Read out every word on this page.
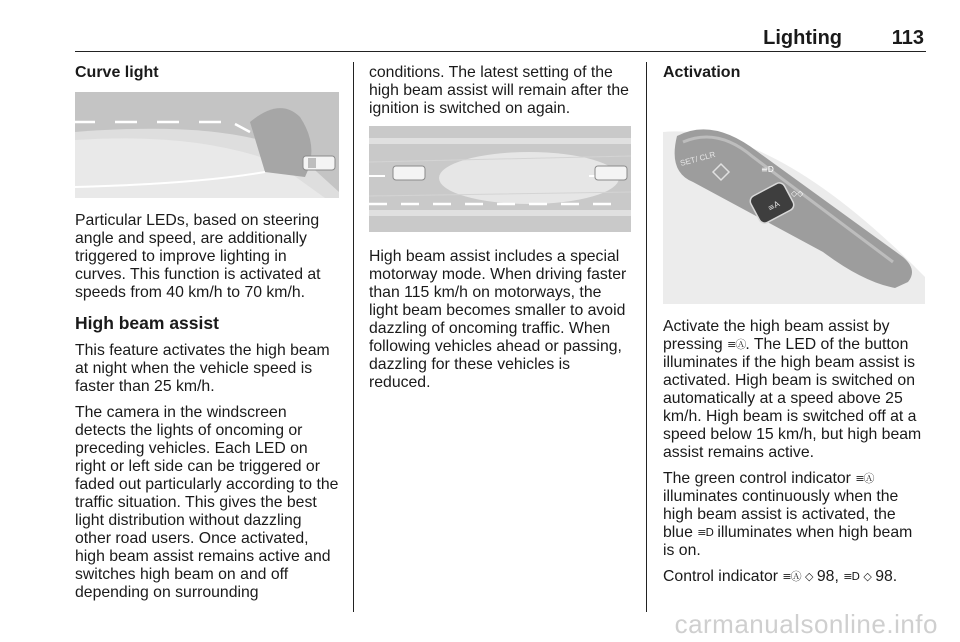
Lighting 113
Curve light

Particular LEDs, based on steering angle and speed, are additionally triggered to improve lighting in curves. This function is activated at speeds from 40 km/h to 70 km/h.

High beam assist

This feature activates the high beam at night when the vehicle speed is faster than 25 km/h.

The camera in the windscreen detects the lights of oncoming or preceding vehicles. Each LED on right or left side can be triggered or faded out particularly according to the traffic situation. This gives the best light distribution without dazzling other road users. Once activated, high beam assist remains active and switches high beam on and off depending on surrounding

conditions. The latest setting of the high beam assist will remain after the ignition is switched on again.

High beam assist includes a special motorway mode. When driving faster than 115 km/h on motorways, the light beam becomes smaller to avoid dazzling of oncoming traffic. When following vehicles ahead or passing, dazzling for these vehicles is reduced.

Activation
≡A
SET/ CLR
≡D
◇◇

Activate the high beam assist by pressing ≡Ⓐ. The LED of the button illuminates if the high beam assist is activated. High beam is switched on automatically at a speed above 25 km/h. High beam is switched off at a speed below 15 km/h, but high beam assist remains active.

The green control indicator ≡Ⓐ illuminates continuously when the high beam assist is activated, the blue ≡D illuminates when high beam is on.

Control indicator ≡Ⓐ ◇ 98, ≡D ◇ 98.

carmanualsonline.info
